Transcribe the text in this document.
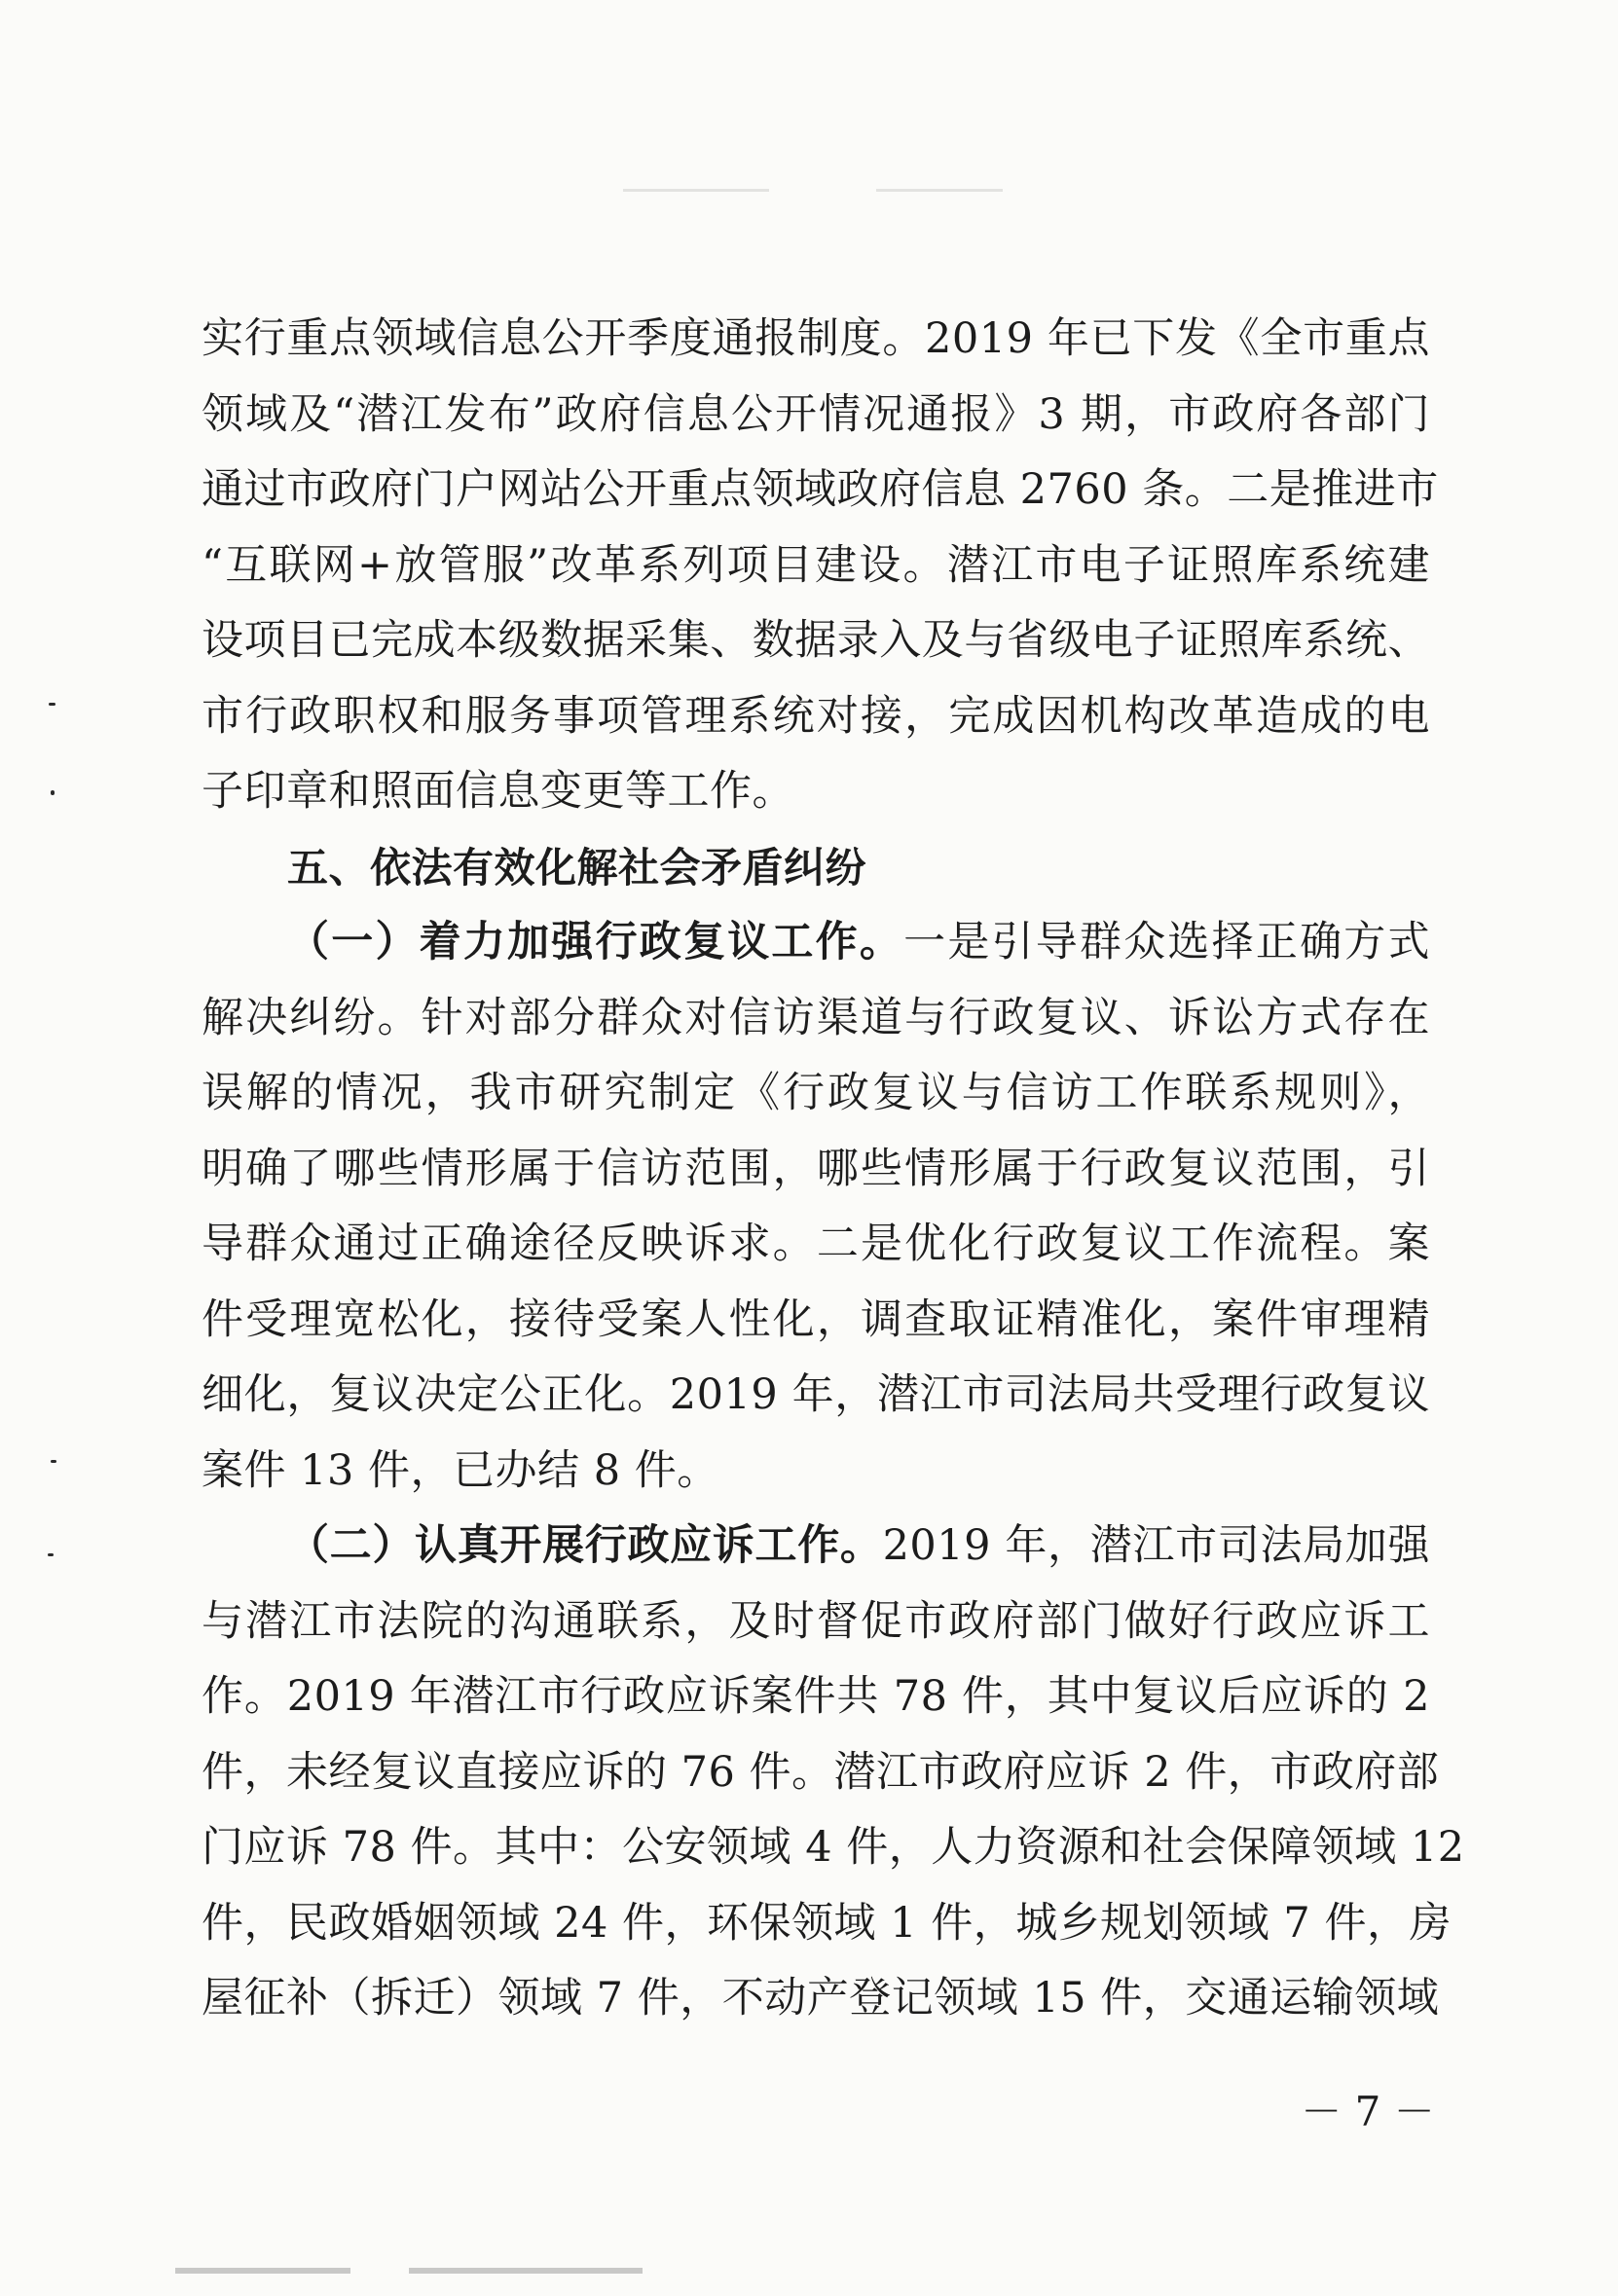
实行重点领域信息公开季度通报制度。2019 年已下发《全市重点
领域及“潜江发布”政府信息公开情况通报》3 期，市政府各部门
通过市政府门户网站公开重点领域政府信息 2760 条。二是推进市
“互联网+放管服”改革系列项目建设。潜江市电子证照库系统建
设项目已完成本级数据采集、数据录入及与省级电子证照库系统、
市行政职权和服务事项管理系统对接，完成因机构改革造成的电
子印章和照面信息变更等工作。
五、依法有效化解社会矛盾纠纷
（一）着力加强行政复议工作。一是引导群众选择正确方式
解决纠纷。针对部分群众对信访渠道与行政复议、诉讼方式存在
误解的情况，我市研究制定《行政复议与信访工作联系规则》，
明确了哪些情形属于信访范围，哪些情形属于行政复议范围，引
导群众通过正确途径反映诉求。二是优化行政复议工作流程。案
件受理宽松化，接待受案人性化，调查取证精准化，案件审理精
细化，复议决定公正化。2019 年，潜江市司法局共受理行政复议
案件 13 件，已办结 8 件。
（二）认真开展行政应诉工作。2019 年，潜江市司法局加强
与潜江市法院的沟通联系，及时督促市政府部门做好行政应诉工
作。2019 年潜江市行政应诉案件共 78 件，其中复议后应诉的 2
件，未经复议直接应诉的 76 件。潜江市政府应诉 2 件，市政府部
门应诉 78 件。其中：公安领域 4 件，人力资源和社会保障领域 12
件，民政婚姻领域 24 件，环保领域 1 件，城乡规划领域 7 件，房
屋征补（拆迁）领域 7 件，不动产登记领域 15 件，交通运输领域
－ 7 －
